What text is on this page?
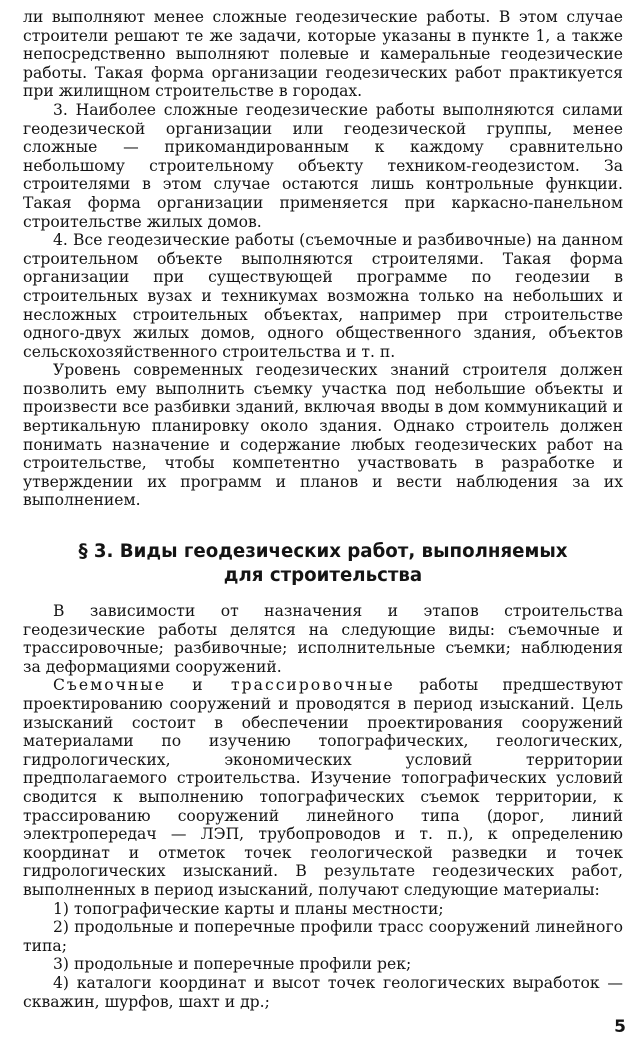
ли выполняют менее сложные геодезические работы. В этом случае строители решают те же задачи, которые указаны в пункте 1, а также непосредственно выполняют полевые и камеральные геодезические работы. Такая форма организации геодезических работ практикуется при жилищном строительстве в городах.

3. Наиболее сложные геодезические работы выполняются силами геодезической организации или геодезической группы, менее сложные — прикомандированным к каждому сравнительно небольшому строительному объекту техником-геодезистом. За строителями в этом случае остаются лишь контрольные функции. Такая форма организации применяется при каркасно-панельном строительстве жилых домов.

4. Все геодезические работы (съемочные и разбивочные) на данном строительном объекте выполняются строителями. Такая форма организации при существующей программе по геодезии в строительных вузах и техникумах возможна только на небольших и несложных строительных объектах, например при строительстве одного-двух жилых домов, одного общественного здания, объектов сельскохозяйственного строительства и т. п.

Уровень современных геодезических знаний строителя должен позволить ему выполнить съемку участка под небольшие объекты и произвести все разбивки зданий, включая вводы в дом коммуникаций и вертикальную планировку около здания. Однако строитель должен понимать назначение и содержание любых геодезических работ на строительстве, чтобы компетентно участвовать в разработке и утверждении их программ и планов и вести наблюдения за их выполнением.

§ 3. Виды геодезических работ, выполняемых
для строительства

В зависимости от назначения и этапов строительства геодезические работы делятся на следующие виды: съемочные и трассировочные; разбивочные; исполнительные съемки; наблюдения за деформациями сооружений.

Съемочные и трассировочные работы предшествуют проектированию сооружений и проводятся в период изысканий. Цель изысканий состоит в обеспечении проектирования сооружений материалами по изучению топографических, геологических, гидрологических, экономических условий территории предполагаемого строительства. Изучение топографических условий сводится к выполнению топографических съемок территории, к трассированию сооружений линейного типа (дорог, линий электропередач — ЛЭП, трубопроводов и т. п.), к определению координат и отметок точек геологической разведки и точек гидрологических изысканий. В результате геодезических работ, выполненных в период изысканий, получают следующие материалы:

1) топографические карты и планы местности;

2) продольные и поперечные профили трасс сооружений линейного типа;

3) продольные и поперечные профили рек;

4) каталоги координат и высот точек геологических выработок — скважин, шурфов, шахт и др.;

5
